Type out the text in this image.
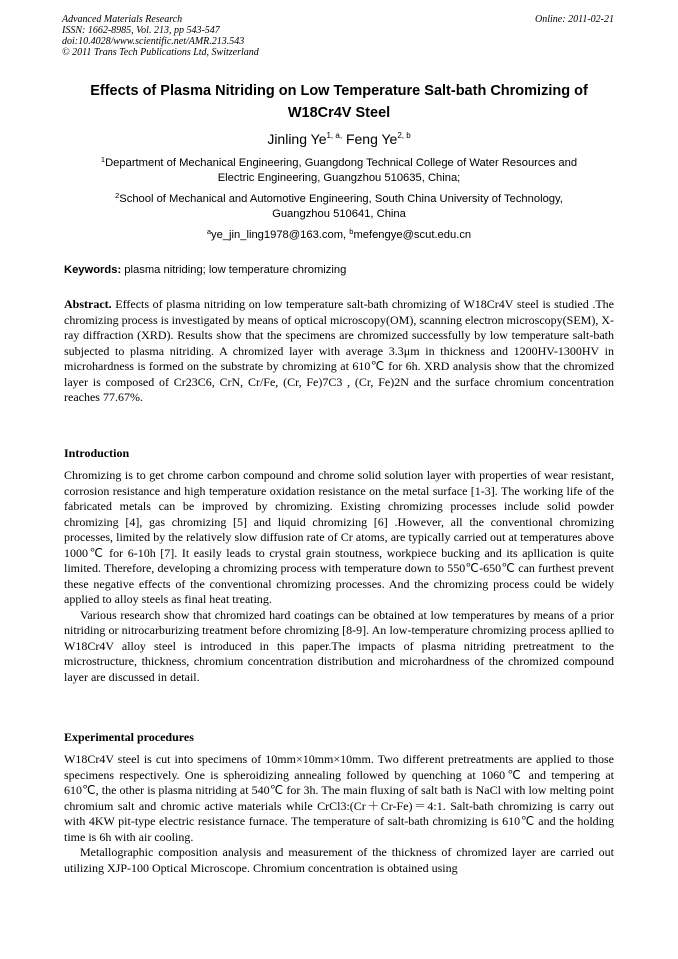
Advanced Materials Research
ISSN: 1662-8985, Vol. 213, pp 543-547
doi:10.4028/www.scientific.net/AMR.213.543
© 2011 Trans Tech Publications Ltd, Switzerland
Online: 2011-02-21
Effects of Plasma Nitriding on Low Temperature Salt-bath Chromizing of
W18Cr4V Steel
Jinling $Ye^{1, a,}$ Feng Ye$^{2, b}$
$^1$Department of Mechanical Engineering, Guangdong Technical College of Water Resources and
Electric Engineering, Guangzhou 510635, China;
$^2$School of Mechanical and Automotive Engineering, South China University of Technology,
Guangzhou 510641, China
$^a$ye_jin_ling1978@163.com, $^b$mefengye@scut.edu.cn
Keywords: plasma nitriding; low temperature chromizing

Abstract. Effects of plasma nitriding on low temperature salt-bath chromizing of W18Cr4V steel is studied .The chromizing process is investigated by means of optical microscopy(OM), scanning electron microscopy(SEM), X-ray diffraction (XRD). Results show that the specimens are chromized successfully by low temperature salt-bath subjected to plasma nitriding. A chromized layer with average 3.3μm in thickness and 1200HV-1300HV in microhardness is formed on the substrate by chromizing at 610℃ for 6h. XRD analysis show that the chromized layer is composed of Cr23C6, CrN, Cr/Fe, (Cr, Fe)7C3 , (Cr, Fe)2N and the surface chromium concentration reaches 77.67%.

Introduction

Chromizing is to get chrome carbon compound and chrome solid solution layer with properties of wear resistant, corrosion resistance and high temperature oxidation resistance on the metal surface [1-3]. The working life of the fabricated metals can be improved by chromizing. Existing chromizing processes include solid powder chromizing [4], gas chromizing [5] and liquid chromizing [6] .However, all the conventional chromizing processes, limited by the relatively slow diffusion rate of Cr atoms, are typically carried out at temperatures above 1000℃ for 6-10h [7]. It easily leads to crystal grain stoutness, workpiece bucking and its apllication is quite limited. Therefore, developing a chromizing process with temperature down to 550℃-650℃ can furthest prevent these negative effects of the conventional chromizing processes. And the chromizing process could be widely applied to alloy steels as final heat treating.

Various research show that chromized hard coatings can be obtained at low temperatures by means of a prior nitriding or nitrocarburizing treatment before chromizing [8-9]. An low-temperature chromizing process apllied to W18Cr4V alloy steel is introduced in this paper.The impacts of plasma nitriding pretreatment to the microstructure, thickness, chromium concentration distribution and microhardness of the chromized compound layer are discussed in detail.

Experimental procedures

W18Cr4V steel is cut into specimens of 10mm×10mm×10mm. Two different pretreatments are applied to those specimens respectively. One is spheroidizing annealing followed by quenching at 1060℃ and tempering at 610℃, the other is plasma nitriding at 540℃ for 3h. The main fluxing of salt bath is NaCl with low melting point chromium salt and chromic active materials while CrCl3:(Cr＋Cr-Fe)＝4:1. Salt-bath chromizing is carry out with 4KW pit-type electric resistance furnace. The temperature of salt-bath chromizing is 610℃ and the holding time is 6h with air cooling.

Metallographic composition analysis and measurement of the thickness of chromized layer are carried out utilizing XJP-100 Optical Microscope. Chromium concentration is obtained using
